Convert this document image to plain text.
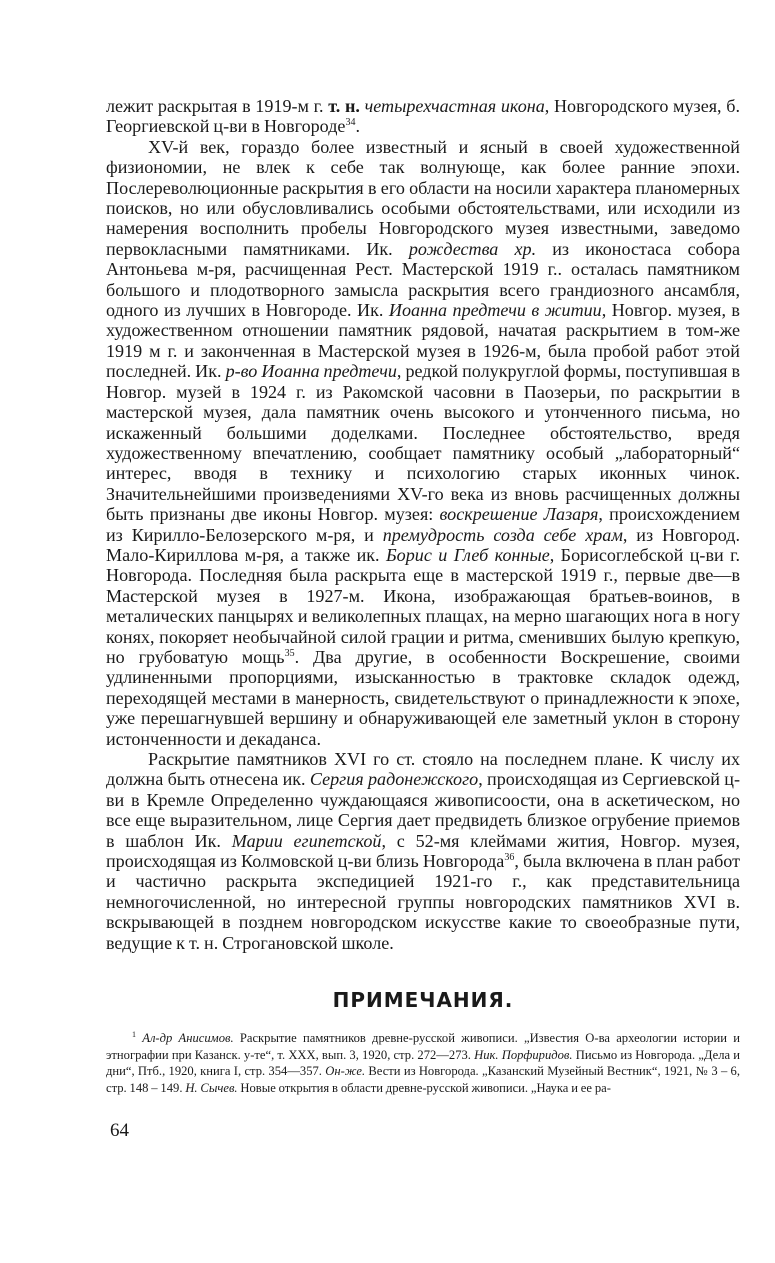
лежит раскрытая в 1919-м г. т. н. четырехчастная икона, Новгородского музея, б. Георгиевской ц-ви в Новгороде$^{34}$.

XV-й век, гораздо более известный и ясный в своей художественной физиономии, не влек к себе так волнующе, как более ранние эпохи. Послереволюционные раскрытия в его области на носили характера планомерных поисков, но или обусловливались особыми обстоятельствами, или исходили из намерения восполнить пробелы Новгородского музея известными, заведомо первокласными памятниками. Ик. рождества хр. из иконостаса собора Антоньева м-ря, расчищенная Рест. Мастерской 1919 г.. осталась памятником большого и плодотворного замысла раскрытия всего грандиозного ансамбля, одного из лучших в Новгороде. Ик. Иоанна предтечи в житии, Новгор. музея, в художественном отношении памятник рядовой, начатая раскрытием в том-же 1919 м г. и законченная в Мастерской музея в 1926-м, была пробой работ этой последней. Ик. р-во Иоанна предтечи, редкой полукруглой формы, поступившая в Новгор. музей в 1924 г. из Ракомской часовни в Паозерьи, по раскрытии в мастерской музея, дала памятник очень высокого и утонченного письма, но искаженный большими доделками. Последнее обстоятельство, вредя художественному впечатлению, сообщает памятнику особый „лабораторный“ интерес, вводя в технику и психологию старых иконных чинок. Значительнейшими произведениями XV-го века из вновь расчищенных должны быть признаны две иконы Новгор. музея: воскрешение Лазаря, происхождением из Кирилло-Белозерского м-ря, и премудрость созда себе храм, из Новгород. Мало-Кириллова м-ря, а также ик. Борис и Глеб конные, Борисоглебской ц-ви г. Новгорода. Последняя была раскрыта еще в мастерской 1919 г., первые две—в Мастерской музея в 1927-м. Икона, изображающая братьев-воинов, в металических панцырях и великолепных плащах, на мерно шагающих нога в ногу конях, покоряет необычайной силой грации и ритма, сменивших былую крепкую, но грубоватую мощь$^{35}$. Два другие, в особенности Воскрешение, своими удлиненными пропорциями, изысканностью в трактовке складок одежд, переходящей местами в манерность, свидетельствуют о принадлежности к эпохе, уже перешагнувшей вершину и обнаруживающей еле заметный уклон в сторону истонченности и декаданса.

Раскрытие памятников XVI го ст. стояло на последнем плане. К числу их должна быть отнесена ик. Сергия радонежского, происходящая из Сергиевской ц-ви в Кремле Определенно чуждающаяся живописоости, она в аскетическом, но все еще выразительном, лице Сергия дает предвидеть близкое огрубение приемов в шаблон Ик. Марии египетской, с 52-мя клеймами жития, Новгор. музея, происходящая из Колмовской ц-ви близь Новгорода$^{36}$, была включена в план работ и частично раскрыта экспедицией 1921-го г., как представительница немногочисленной, но интересной группы новгородских памятников XVI в. вскрывающей в позднем новгородском искусстве какие то своеобразные пути, ведущие к т. н. Строгановской школе.

ПРИМЕЧАНИЯ.

$^1$ Ал-др Анисимов. Раскрытие памятников древне-русской живописи. „Известия О-ва археологии истории и этнографии при Казанск. у-те“, т. XXX, вып. 3, 1920, стр. 272—273. Ник. Порфиридов. Письмо из Новгорода. „Дела и дни“, Птб., 1920, книга I, стр. 354—357. Он-же. Вести из Новгорода. „Казанский Музейный Вестник“, 1921, № 3 – 6, стр. 148 – 149. Н. Сычев. Новые открытия в области древне-русской живописи. „Наука и ее ра-

64
